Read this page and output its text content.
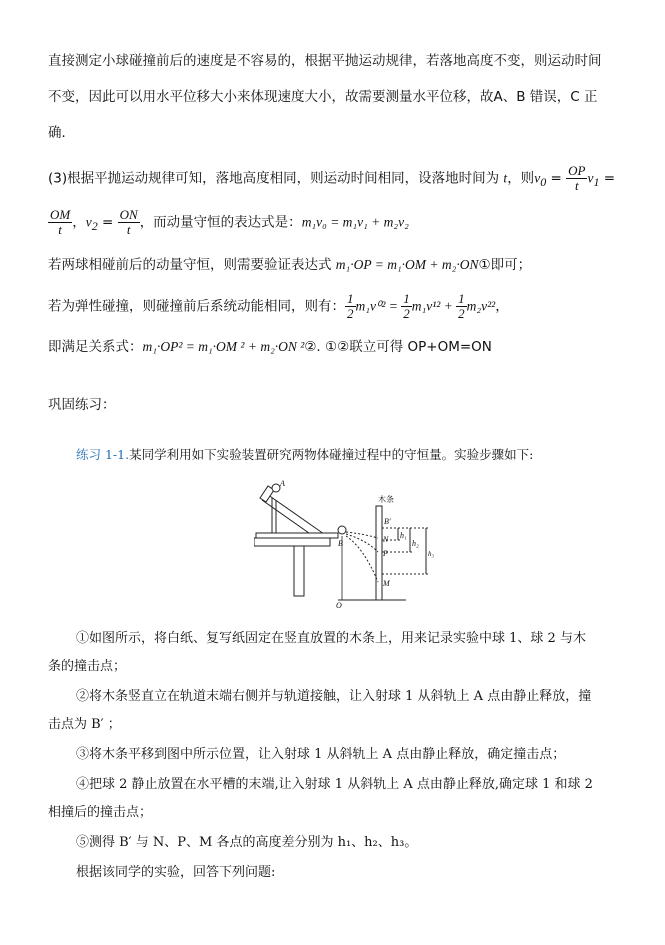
直接测定小球碰撞前后的速度是不容易的，根据平抛运动规律，若落地高度不变，则运动时间
不变，因此可以用水平位移大小来体现速度大小，故需要测量水平位移，故A、B 错误，C 正
确．
(3)根据平抛运动规律可知，落地高度相同，则运动时间相同，设落地时间为 t，则$v_0 = \frac{OP}{t} v_1$ =
$\frac{OM}{t}$ ，$v_2 = \frac{ON}{t}$ ，而动量守恒的表达式是：m₁v₀ = m₁v₁ + m₂v₂
若两球相碰前后的动量守恒，则需要验证表达式 m₁·OP = m₁·OM + m₂·ON①即可；
若为弹性碰撞，则碰撞前后系统动能相同，则有： $\frac{1}{2} m_1v^{02} = \frac{1}{2} m_1v^{12} + \frac{1}{2} m_2v^{22}$，
即满足关系式：m₁·OP² = m₁·OM ² + m₂·ON ²②. ①②联立可得 OP+OM=ON
巩固练习：
练习 1-1.某同学利用如下实验装置研究两物体碰撞过程中的守恒量。实验步骤如下:
A
B
O
B′
N
P
M
h₁
h₂
h₃
木条
①如图所示，将白纸、复写纸固定在竖直放置的木条上，用来记录实验中球 1、球 2 与木
条的撞击点；
②将木条竖直立在轨道末端右侧并与轨道接触，让入射球 1 从斜轨上 A 点由静止释放，撞
击点为 B′ ；
③将木条平移到图中所示位置，让入射球 1 从斜轨上 A 点由静止释放，确定撞击点；
④把球 2 静止放置在水平槽的末端,让入射球 1 从斜轨上 A 点由静止释放,确定球 1 和球 2
相撞后的撞击点；
⑤测得 B′ 与 N、P、M 各点的高度差分别为 h₁、h₂、h₃。
根据该同学的实验，回答下列问题:
